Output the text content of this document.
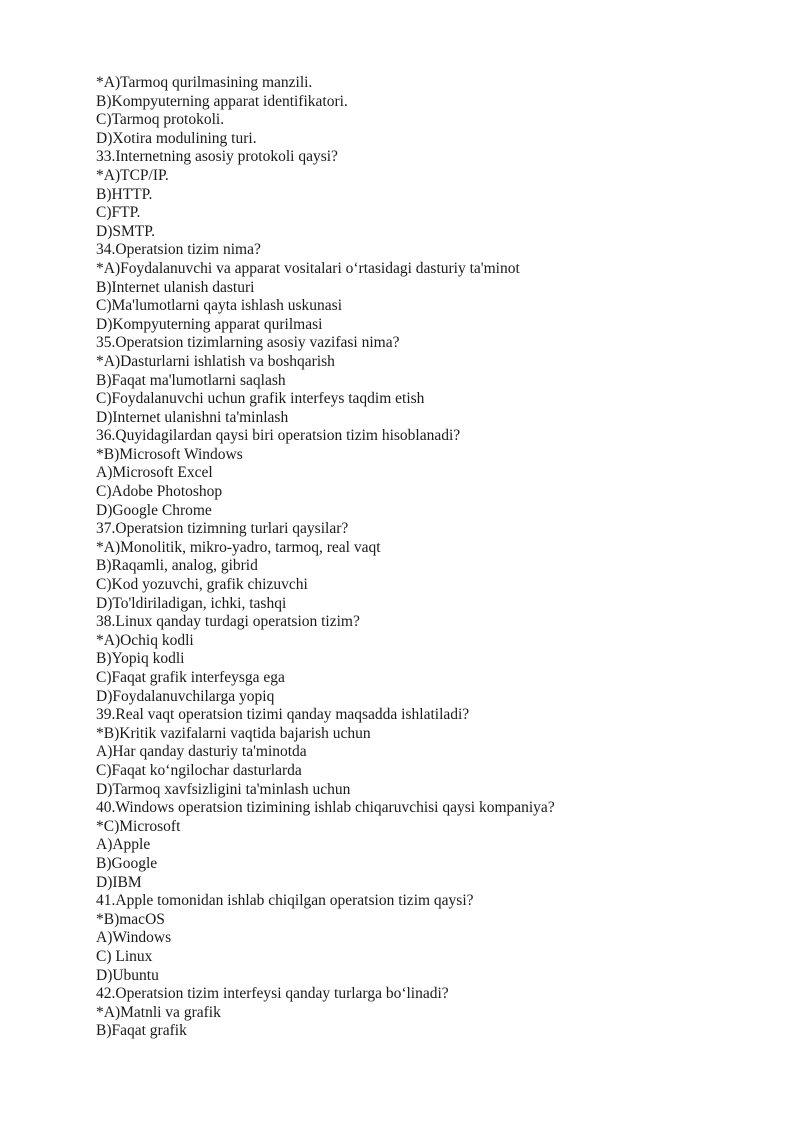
*A)Tarmoq qurilmasining manzili.
B)Kompyuterning apparat identifikatori.
C)Tarmoq protokoli.
D)Xotira modulining turi.
33.Internetning asosiy protokoli qaysi?
*A)TCP/IP.
B)HTTP.
C)FTP.
D)SMTP.
34.Operatsion tizim nima?
*A)Foydalanuvchi va apparat vositalari o‘rtasidagi dasturiy ta'minot
B)Internet ulanish dasturi
C)Ma'lumotlarni qayta ishlash uskunasi
D)Kompyuterning apparat qurilmasi
35.Operatsion tizimlarning asosiy vazifasi nima?
*A)Dasturlarni ishlatish va boshqarish
B)Faqat ma'lumotlarni saqlash
C)Foydalanuvchi uchun grafik interfeys taqdim etish
D)Internet ulanishni ta'minlash
36.Quyidagilardan qaysi biri operatsion tizim hisoblanadi?
*B)Microsoft Windows
A)Microsoft Excel
C)Adobe Photoshop
D)Google Chrome
37.Operatsion tizimning turlari qaysilar?
*A)Monolitik, mikro-yadro, tarmoq, real vaqt
B)Raqamli, analog, gibrid
C)Kod yozuvchi, grafik chizuvchi
D)To'ldiriladigan, ichki, tashqi
38.Linux qanday turdagi operatsion tizim?
*A)Ochiq kodli
B)Yopiq kodli
C)Faqat grafik interfeysga ega
D)Foydalanuvchilarga yopiq
39.Real vaqt operatsion tizimi qanday maqsadda ishlatiladi?
*B)Kritik vazifalarni vaqtida bajarish uchun
A)Har qanday dasturiy ta'minotda
C)Faqat ko‘ngilochar dasturlarda
D)Tarmoq xavfsizligini ta'minlash uchun
40.Windows operatsion tizimining ishlab chiqaruvchisi qaysi kompaniya?
*C)Microsoft
A)Apple
B)Google
D)IBM
41.Apple tomonidan ishlab chiqilgan operatsion tizim qaysi?
*B)macOS
A)Windows
C) Linux
D)Ubuntu
42.Operatsion tizim interfeysi qanday turlarga bo‘linadi?
*A)Matnli va grafik
B)Faqat grafik
